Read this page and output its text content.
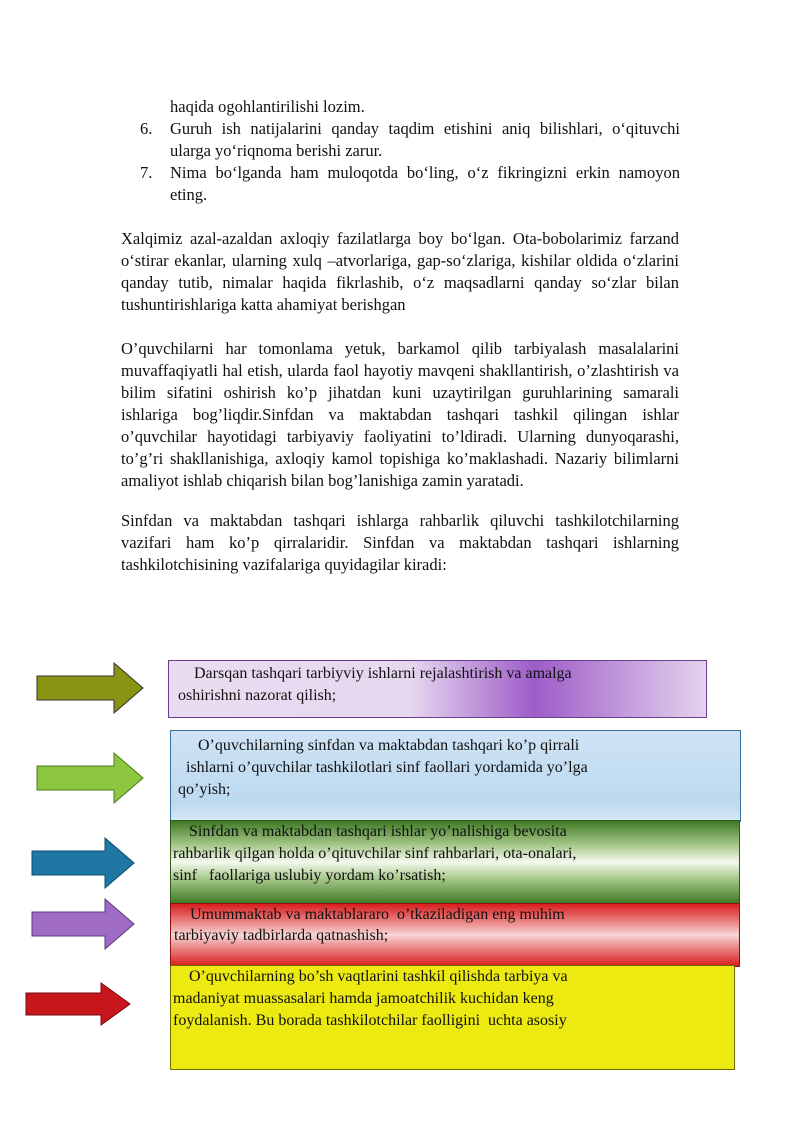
haqida ogohlantirilishi lozim.
6.	Guruh ish natijalarini qanday taqdim etishini aniq bilishlari, o‘qituvchi ularga yo‘riqnoma berishi zarur.
7.	Nima bo‘lganda ham muloqotda bo‘ling, o‘z fikringizni erkin namoyon eting.
Xalqimiz azal-azaldan axloqiy fazilatlarga boy bo‘lgan. Ota-bobolarimiz farzand o‘stirar ekanlar, ularning xulq –atvorlariga, gap-so‘zlariga, kishilar oldida o‘zlarini qanday tutib, nimalar haqida fikrlashib, o‘z maqsadlarni qanday so‘zlar bilan tushuntirishlariga katta ahamiyat berishgan
O’quvchilarni har tomonlama yetuk, barkamol qilib tarbiyalash masalalarini muvaffaqiyatli hal etish, ularda faol hayotiy mavqeni shakllantirish, o’zlashtirish va bilim sifatini oshirish ko’p jihatdan kuni uzaytirilgan guruhlarining samarali ishlariga bog’liqdir.Sinfdan va maktabdan tashqari tashkil qilingan ishlar o’quvchilar hayotidagi tarbiyaviy faoliyatini to’ldiradi. Ularning dunyoqarashi, to’g’ri shakllanishiga, axloqiy kamol topishiga ko’maklashadi. Nazariy bilimlarni amaliyot ishlab chiqarish bilan bog’lanishiga zamin yaratadi.
Sinfdan va maktabdan tashqari ishlarga rahbarlik qiluvchi tashkilotchilarning vazifari ham ko’p qirralaridir. Sinfdan va maktabdan tashqari ishlarning tashkilotchisining vazifalariga quyidagilar kiradi:
Darsqan tashqari tarbiyviy ishlarni rejalashtirish va amalga
oshirishni nazorat qilish;
O’quvchilarning sinfdan va maktabdan tashqari ko’p qirrali
ishlarni o’quvchilar tashkilotlari sinf faollari yordamida yo’lga
qo’yish;
Sinfdan va maktabdan tashqari ishlar yo’nalishiga bevosita
rahbarlik qilgan holda o’qituvchilar sinf rahbarlari, ota-onalari,
sinf   faollariga uslubiy yordam ko’rsatish;
Umummaktab va maktablararo  o’tkaziladigan eng muhim
tarbiyaviy tadbirlarda qatnashish;
O’quvchilarning bo’sh vaqtlarini tashkil qilishda tarbiya va
madaniyat muassasalari hamda jamoatchilik kuchidan keng
foydalanish. Bu borada tashkilotchilar faolligini  uchta asosiy
